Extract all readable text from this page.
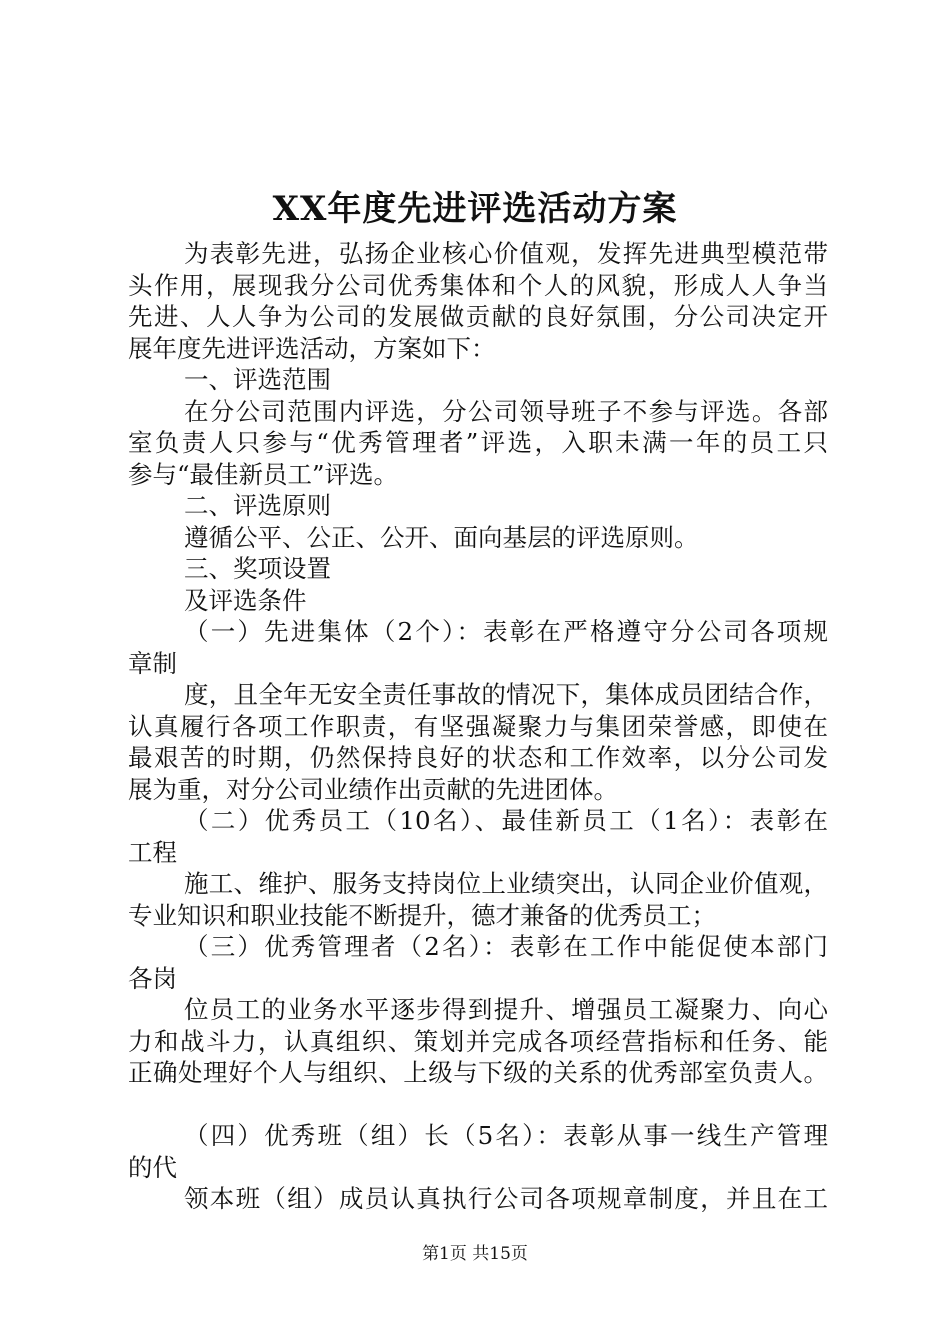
XX年度先进评选活动方案
为表彰先进，弘扬企业核心价值观，发挥先进典型模范带
头作用，展现我分公司优秀集体和个人的风貌，形成人人争当
先进、人人争为公司的发展做贡献的良好氛围，分公司决定开
展年度先进评选活动，方案如下：
一、评选范围
在分公司范围内评选，分公司领导班子不参与评选。各部
室负责人只参与“优秀管理者”评选，入职未满一年的员工只
参与“最佳新员工”评选。
二、评选原则
遵循公平、公正、公开、面向基层的评选原则。
三、奖项设置
及评选条件
（一）先进集体（2个）：表彰在严格遵守分公司各项规
章制
度，且全年无安全责任事故的情况下，集体成员团结合作，
认真履行各项工作职责，有坚强凝聚力与集团荣誉感，即使在
最艰苦的时期，仍然保持良好的状态和工作效率，以分公司发
展为重，对分公司业绩作出贡献的先进团体。
（二）优秀员工（10名）、最佳新员工（1名）：表彰在
工程
施工、维护、服务支持岗位上业绩突出，认同企业价值观，
专业知识和职业技能不断提升，德才兼备的优秀员工；
（三）优秀管理者（2名）：表彰在工作中能促使本部门
各岗
位员工的业务水平逐步得到提升、增强员工凝聚力、向心
力和战斗力，认真组织、策划并完成各项经营指标和任务、能
正确处理好个人与组织、上级与下级的关系的优秀部室负责人。
（四）优秀班（组）长（5名）：表彰从事一线生产管理
的代
领本班（组）成员认真执行公司各项规章制度，并且在工
第1页 共15页
